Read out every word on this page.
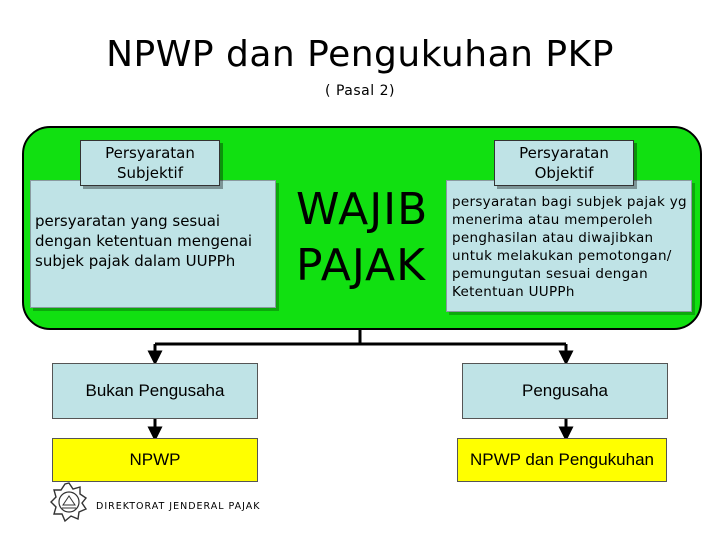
NPWP dan Pengukuhan PKP
( Pasal 2)
persyaratan yang sesuai dengan ketentuan mengenai subjek pajak dalam UUPPh
Persyaratan Subjektif
WAJIB
PAJAK
persyaratan bagi subjek pajak yg menerima atau memperoleh penghasilan atau diwajibkan untuk melakukan pemotongan/ pemungutan sesuai dengan Ketentuan UUPPh
Persyaratan Objektif
Bukan Pengusaha	Pengusaha
NPWP	NPWP dan Pengukuhan
DIREKTORAT JENDERAL PAJAK
